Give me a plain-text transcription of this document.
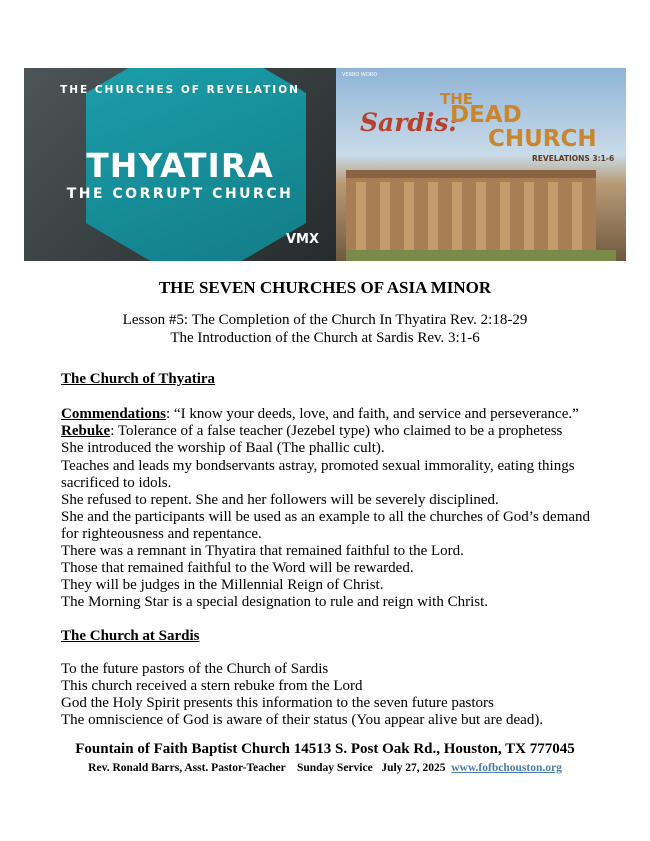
THE CHURCHES OF REVELATION
THYATIRA
THE CORRUPT CHURCH
VMX
VERBO WORD
Sardis:
THE
DEAD
CHURCH
REVELATIONS 3:1-6
THE SEVEN CHURCHES OF ASIA MINOR
Lesson #5: The Completion of the Church In Thyatira Rev. 2:18-29
The Introduction of the Church at Sardis Rev. 3:1-6
The Church of Thyatira
Commendations: “I know your deeds, love, and faith, and service and perseverance.”
Rebuke: Tolerance of a false teacher (Jezebel type) who claimed to be a prophetess
She introduced the worship of Baal (The phallic cult).
Teaches and leads my bondservants astray, promoted sexual immorality, eating things
sacrificed to idols.
She refused to repent. She and her followers will be severely disciplined.
She and the participants will be used as an example to all the churches of God’s demand
for righteousness and repentance.
There was a remnant in Thyatira that remained faithful to the Lord.
Those that remained faithful to the Word will be rewarded.
They will be judges in the Millennial Reign of Christ.
The Morning Star is a special designation to rule and reign with Christ.
The Church at Sardis
To the future pastors of the Church of Sardis
This church received a stern rebuke from the Lord
God the Holy Spirit presents this information to the seven future pastors
The omniscience of God is aware of their status (You appear alive but are dead).
Fountain of Faith Baptist Church 14513 S. Post Oak Rd., Houston, TX 777045
Rev. Ronald Barrs, Asst. Pastor-Teacher    Sunday Service   July 27, 2025  www.fofbchouston.org
